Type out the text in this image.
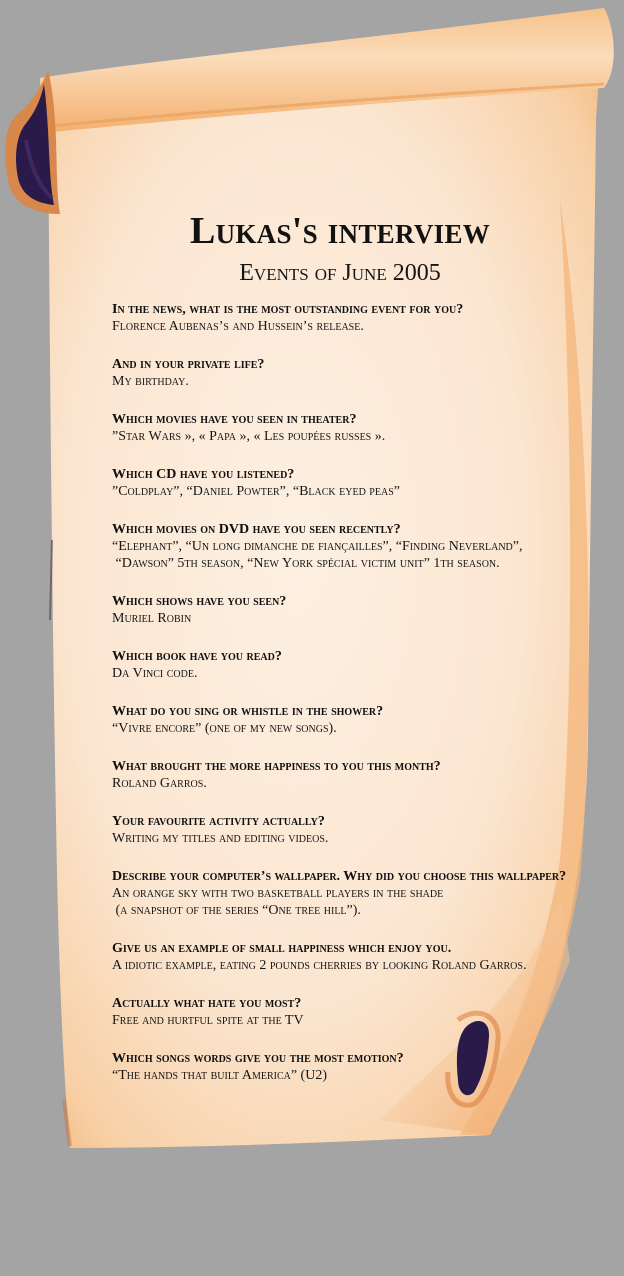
Lukas's interview
Events of June 2005
In the news, what is the most outstanding event for you?
Florence Aubenas’s and Hussein’s release.
And in your private life?
My birthday.
Which movies have you seen in theater?
”Star Wars », « Papa », « Les poupées russes ».
Which CD have you listened?
”Coldplay”, “Daniel Powter”, “Black eyed peas”
Which movies on DVD have you seen recently?
“Elephant”, “Un long dimanche de fiançailles”, “Finding Neverland”,
“Dawson” 5th season, “New York spécial victim unit” 1th season.
Which shows have you seen?
Muriel Robin
Which book have you read?
Da Vinci code.
What do you sing or whistle in the shower?
“Vivre encore” (one of my new songs).
What brought the more happiness to you this month?
Roland Garros.
Your favourite activity actually?
Writing my titles and editing videos.
Describe your computer’s wallpaper. Why did you choose this wallpaper?
An orange sky with two basketball players in the shade
(a snapshot of the series “One tree hill”).
Give us an example of small happiness which enjoy you.
A idiotic example, eating 2 pounds cherries by looking Roland Garros.
Actually what hate you most?
Free and hurtful spite at the TV
Which songs words give you the most emotion?
“The hands that built America” (U2)
